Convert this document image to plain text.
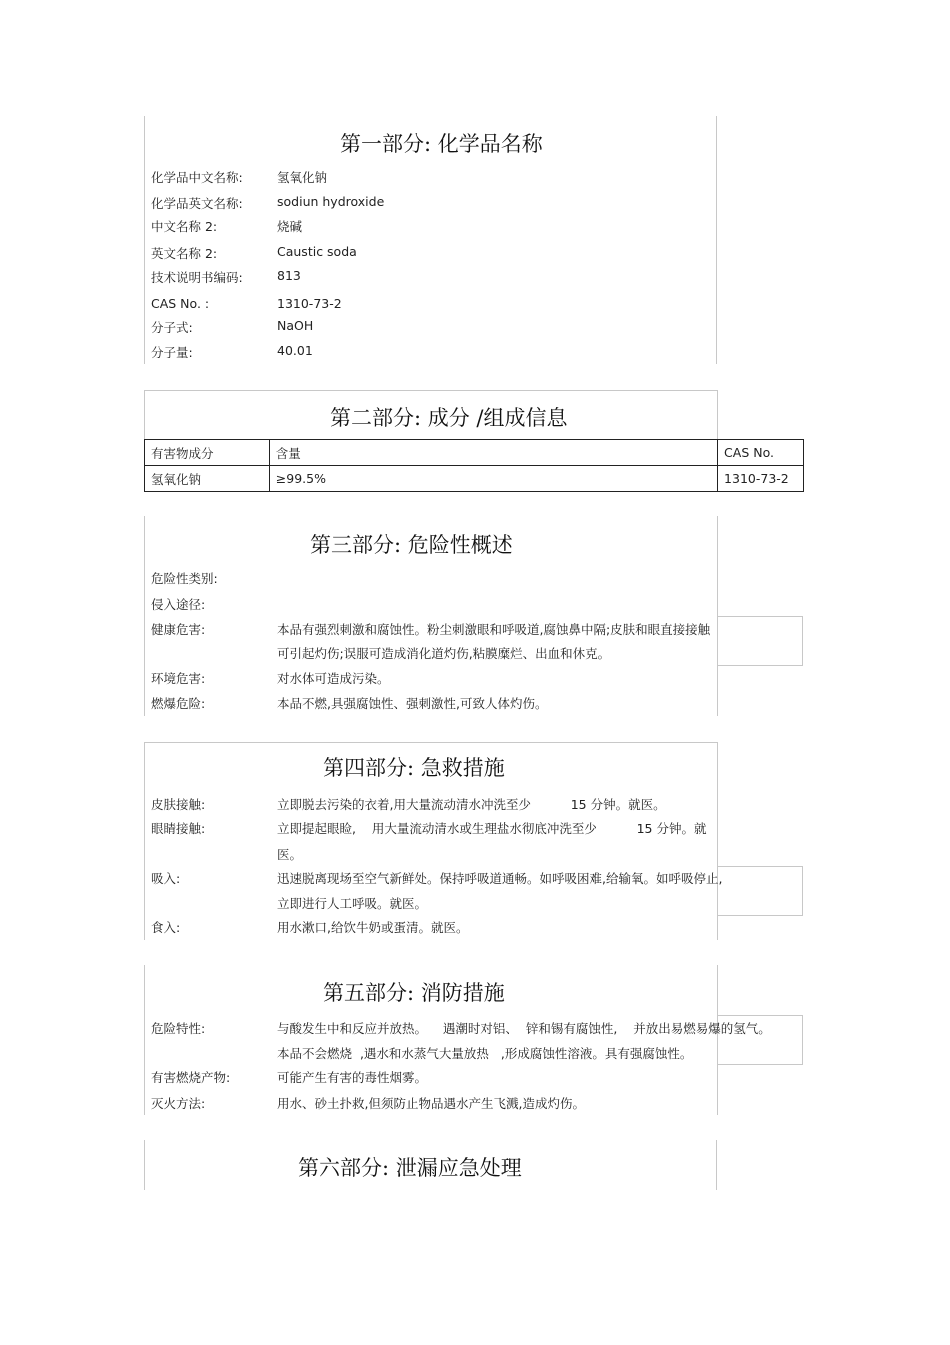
第一部分: 化学品名称
化学品中文名称:	氢氧化钠
化学品英文名称:	sodiun hydroxide
中文名称 2:	烧碱
英文名称 2:	Caustic soda
技术说明书编码:	813
CAS No. :	1310-73-2
分子式:	NaOH
分子量:	40.01
第二部分: 成分 /组成信息
有害物成分	含量	CAS No.
氢氧化钠	≥99.5%	1310-73-2
第三部分: 危险性概述
危险性类别:
侵入途径:
健康危害:	本品有强烈刺激和腐蚀性。粉尘刺激眼和呼吸道,腐蚀鼻中隔;皮肤和眼直接接触
可引起灼伤;误服可造成消化道灼伤,粘膜糜烂、出血和休克。
环境危害:	对水体可造成污染。
燃爆危险:	本品不燃,具强腐蚀性、强刺激性,可致人体灼伤。
第四部分: 急救措施
皮肤接触:	立即脱去污染的衣着,用大量流动清水冲洗至少          15 分钟。就医。
眼睛接触:	立即提起眼睑,    用大量流动清水或生理盐水彻底冲洗至少          15 分钟。就
医。
吸入:	迅速脱离现场至空气新鲜处。保持呼吸道通畅。如呼吸困难,给输氧。如呼吸停止,
立即进行人工呼吸。就医。
食入:	用水漱口,给饮牛奶或蛋清。就医。
第五部分: 消防措施
危险特性:	与酸发生中和反应并放热。    遇潮时对铝、  锌和锡有腐蚀性,    并放出易燃易爆的氢气。
本品不会燃烧  ,遇水和水蒸气大量放热   ,形成腐蚀性溶液。具有强腐蚀性。
有害燃烧产物:	可能产生有害的毒性烟雾。
灭火方法:	用水、砂土扑救,但须防止物品遇水产生飞溅,造成灼伤。
第六部分: 泄漏应急处理
